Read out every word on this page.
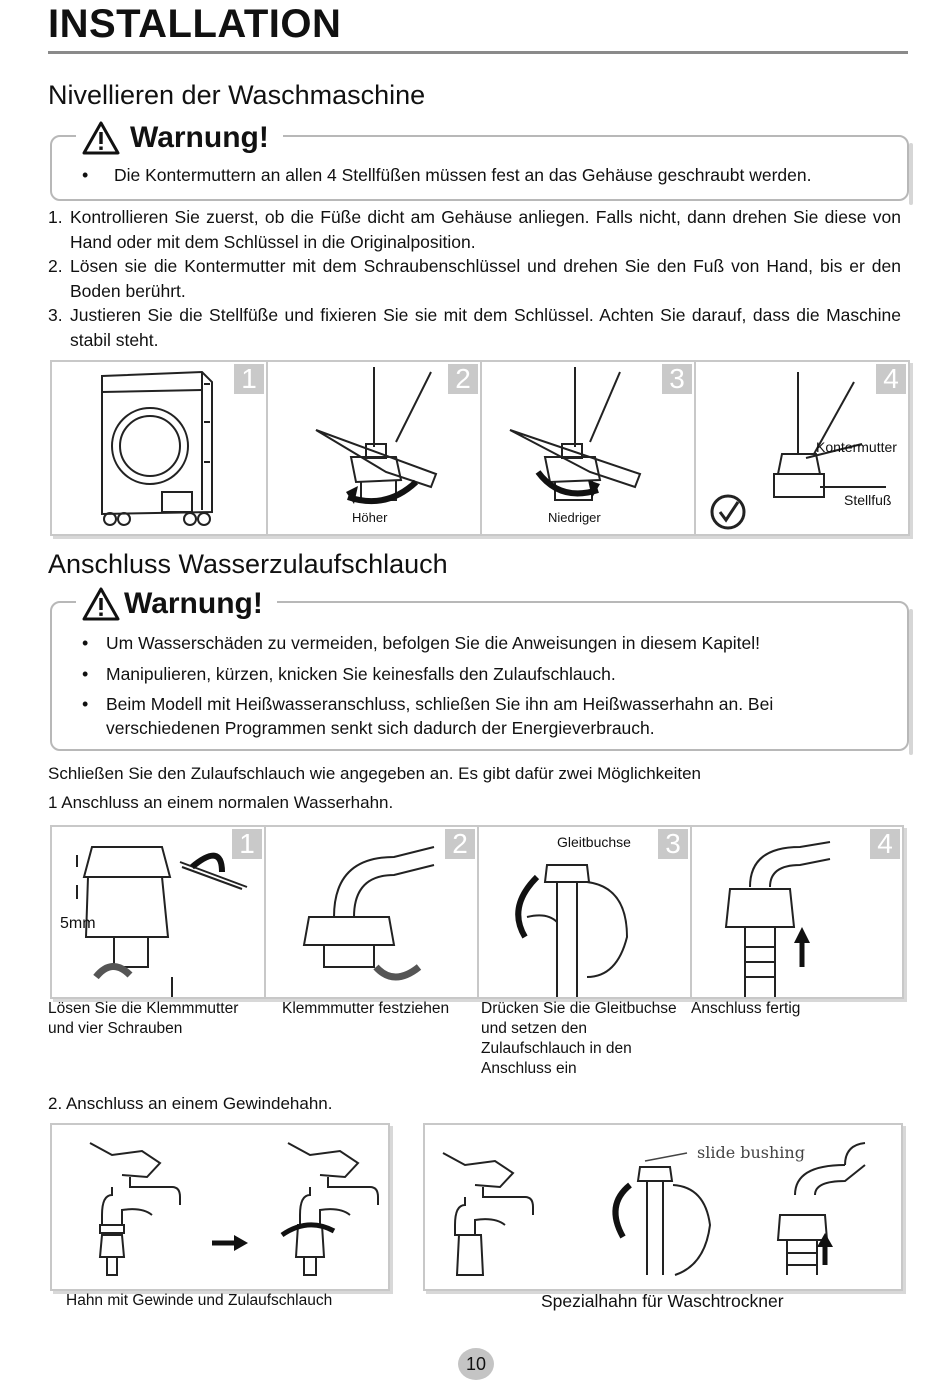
INSTALLATION
Nivellieren der Waschmaschine
Warnung!
• Die Kontermuttern an allen 4 Stellfüßen müssen fest an das Gehäuse geschraubt werden.
1. Kontrollieren Sie zuerst, ob die Füße dicht am Gehäuse anliegen. Falls nicht, dann drehen Sie diese von Hand oder mit dem Schlüssel in die Originalposition.
2. Lösen sie die Kontermutter mit dem Schraubenschlüssel und drehen Sie den Fuß von Hand, bis er den Boden berührt.
3. Justieren Sie die Stellfüße und fixieren Sie sie mit dem Schlüssel. Achten Sie darauf, dass die Maschine stabil steht.
1	2
Höher
3
Niedriger
4
Kontermutter
Stellfuß
Anschluss Wasserzulaufschlauch
Warnung!
• Um Wasserschäden zu vermeiden, befolgen Sie die Anweisungen in diesem Kapitel!
• Manipulieren, kürzen, knicken Sie keinesfalls den Zulaufschlauch.
• Beim Modell mit Heißwasseranschluss, schließen Sie ihn am Heißwasserhahn an. Bei verschiedenen Programmen senkt sich dadurch der Energieverbrauch.
Schließen Sie den Zulaufschlauch wie angegeben an. Es gibt dafür zwei Möglichkeiten
1 Anschluss an einem normalen Wasserhahn.
1
5mm
2	3
Gleitbuchse	4
Lösen Sie die Klemmmutter und vier Schrauben
Klemmmutter festziehen	Drücken Sie die Gleitbuchse und setzen den Zulaufschlauch in den Anschluss ein
Anschluss fertig
2. Anschluss an einem Gewindehahn.
slide bushing
Hahn mit Gewinde und Zulaufschlauch	Spezialhahn für Waschtrockner
10
